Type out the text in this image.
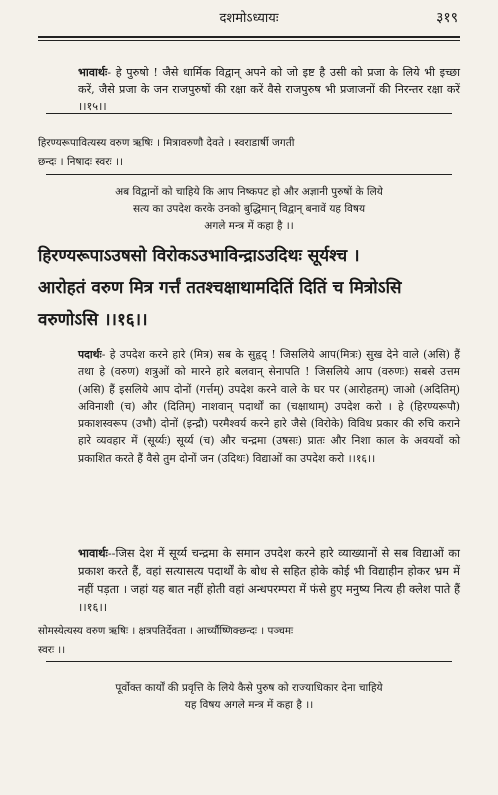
दशमोऽध्यायः	३१९
भावार्थः- हे पुरुषो ! जैसे धार्मिक विद्वान् अपने को जो इष्ट है उसी को प्रजा के लिये भी इच्छा करें, जैसे प्रजा के जन राजपुरुषों की रक्षा करें वैसे राजपुरुष भी प्रजाजनों की निरन्तर रक्षा करें ।।१५।।
हिरण्यरूपावित्यस्य वरुण ऋषिः । मित्रावरुणौ देवते । स्वराडार्षी जगती
छन्दः । निषादः स्वरः ।।
अब विद्वानों को चाहिये कि आप निष्कपट हो और अज्ञानी पुरुषों के लिये
सत्य का उपदेश करके उनको बुद्धिमान् विद्वान् बनावें यह विषय
अगले मन्त्र में कहा है ।।
हिरण्यरूपाऽउषसो विरोकऽउभाविन्द्राऽउदिथः सूर्यश्च ।
आरोहतं वरुण मित्र गर्त्तं ततश्चक्षाथामदितिं दितिं च मित्रोऽसि
वरुणोऽसि ।।१६।।
पदार्थः- हे उपदेश करने हारे (मित्र) सब के सुहृद् ! जिसलिये आप(मित्रः) सुख देने वाले (असि) हैं तथा हे (वरुण) शत्रुओं को मारने हारे बलवान् सेनापति ! जिसलिये आप (वरुणः) सबसे उत्तम (असि) हैं इसलिये आप दोनों (गर्त्तम्) उपदेश करने वाले के घर पर (आरोहतम्) जाओ (अदितिम्) अविनाशी (च) और (दितिम्) नाशवान् पदार्थों का (चक्षाथाम्) उपदेश करो । हे (हिरण्यरूपौ) प्रकाशस्वरूप (उभौ) दोनों (इन्द्रौ) परमैश्वर्य करने हारे जैसे (विरोके) विविध प्रकार की रुचि कराने हारे व्यवहार में (सूर्य्यः) सूर्य्य (च) और चन्द्रमा (उषसः) प्रातः और निशा काल के अवयवों को प्रकाशित करते हैं वैसे तुम दोनों जन (उदिथः) विद्याओं का उपदेश करो ।।१६।।
भावार्थः--जिस देश में सूर्य्य चन्द्रमा के समान उपदेश करने हारे व्याख्यानों से सब विद्याओं का प्रकाश करते हैं, वहां सत्यासत्य पदार्थों के बोध से सहित होके कोई भी विद्याहीन होकर भ्रम में नहीं पड़ता । जहां यह बात नहीं होती वहां अन्धपरम्परा में फंसे हुए मनुष्य नित्य ही क्लेश पाते हैं ।।१६।।
सोमस्येत्यस्य वरुण ऋषिः । क्षत्रपतिर्देवता । आर्च्यौष्णिक्छन्दः । पञ्चमः
स्वरः ।।
पूर्वोक्त कार्यों की प्रवृत्ति के लिये कैसे पुरुष को राज्याधिकार देना चाहिये
यह विषय अगले मन्त्र में कहा है ।।
